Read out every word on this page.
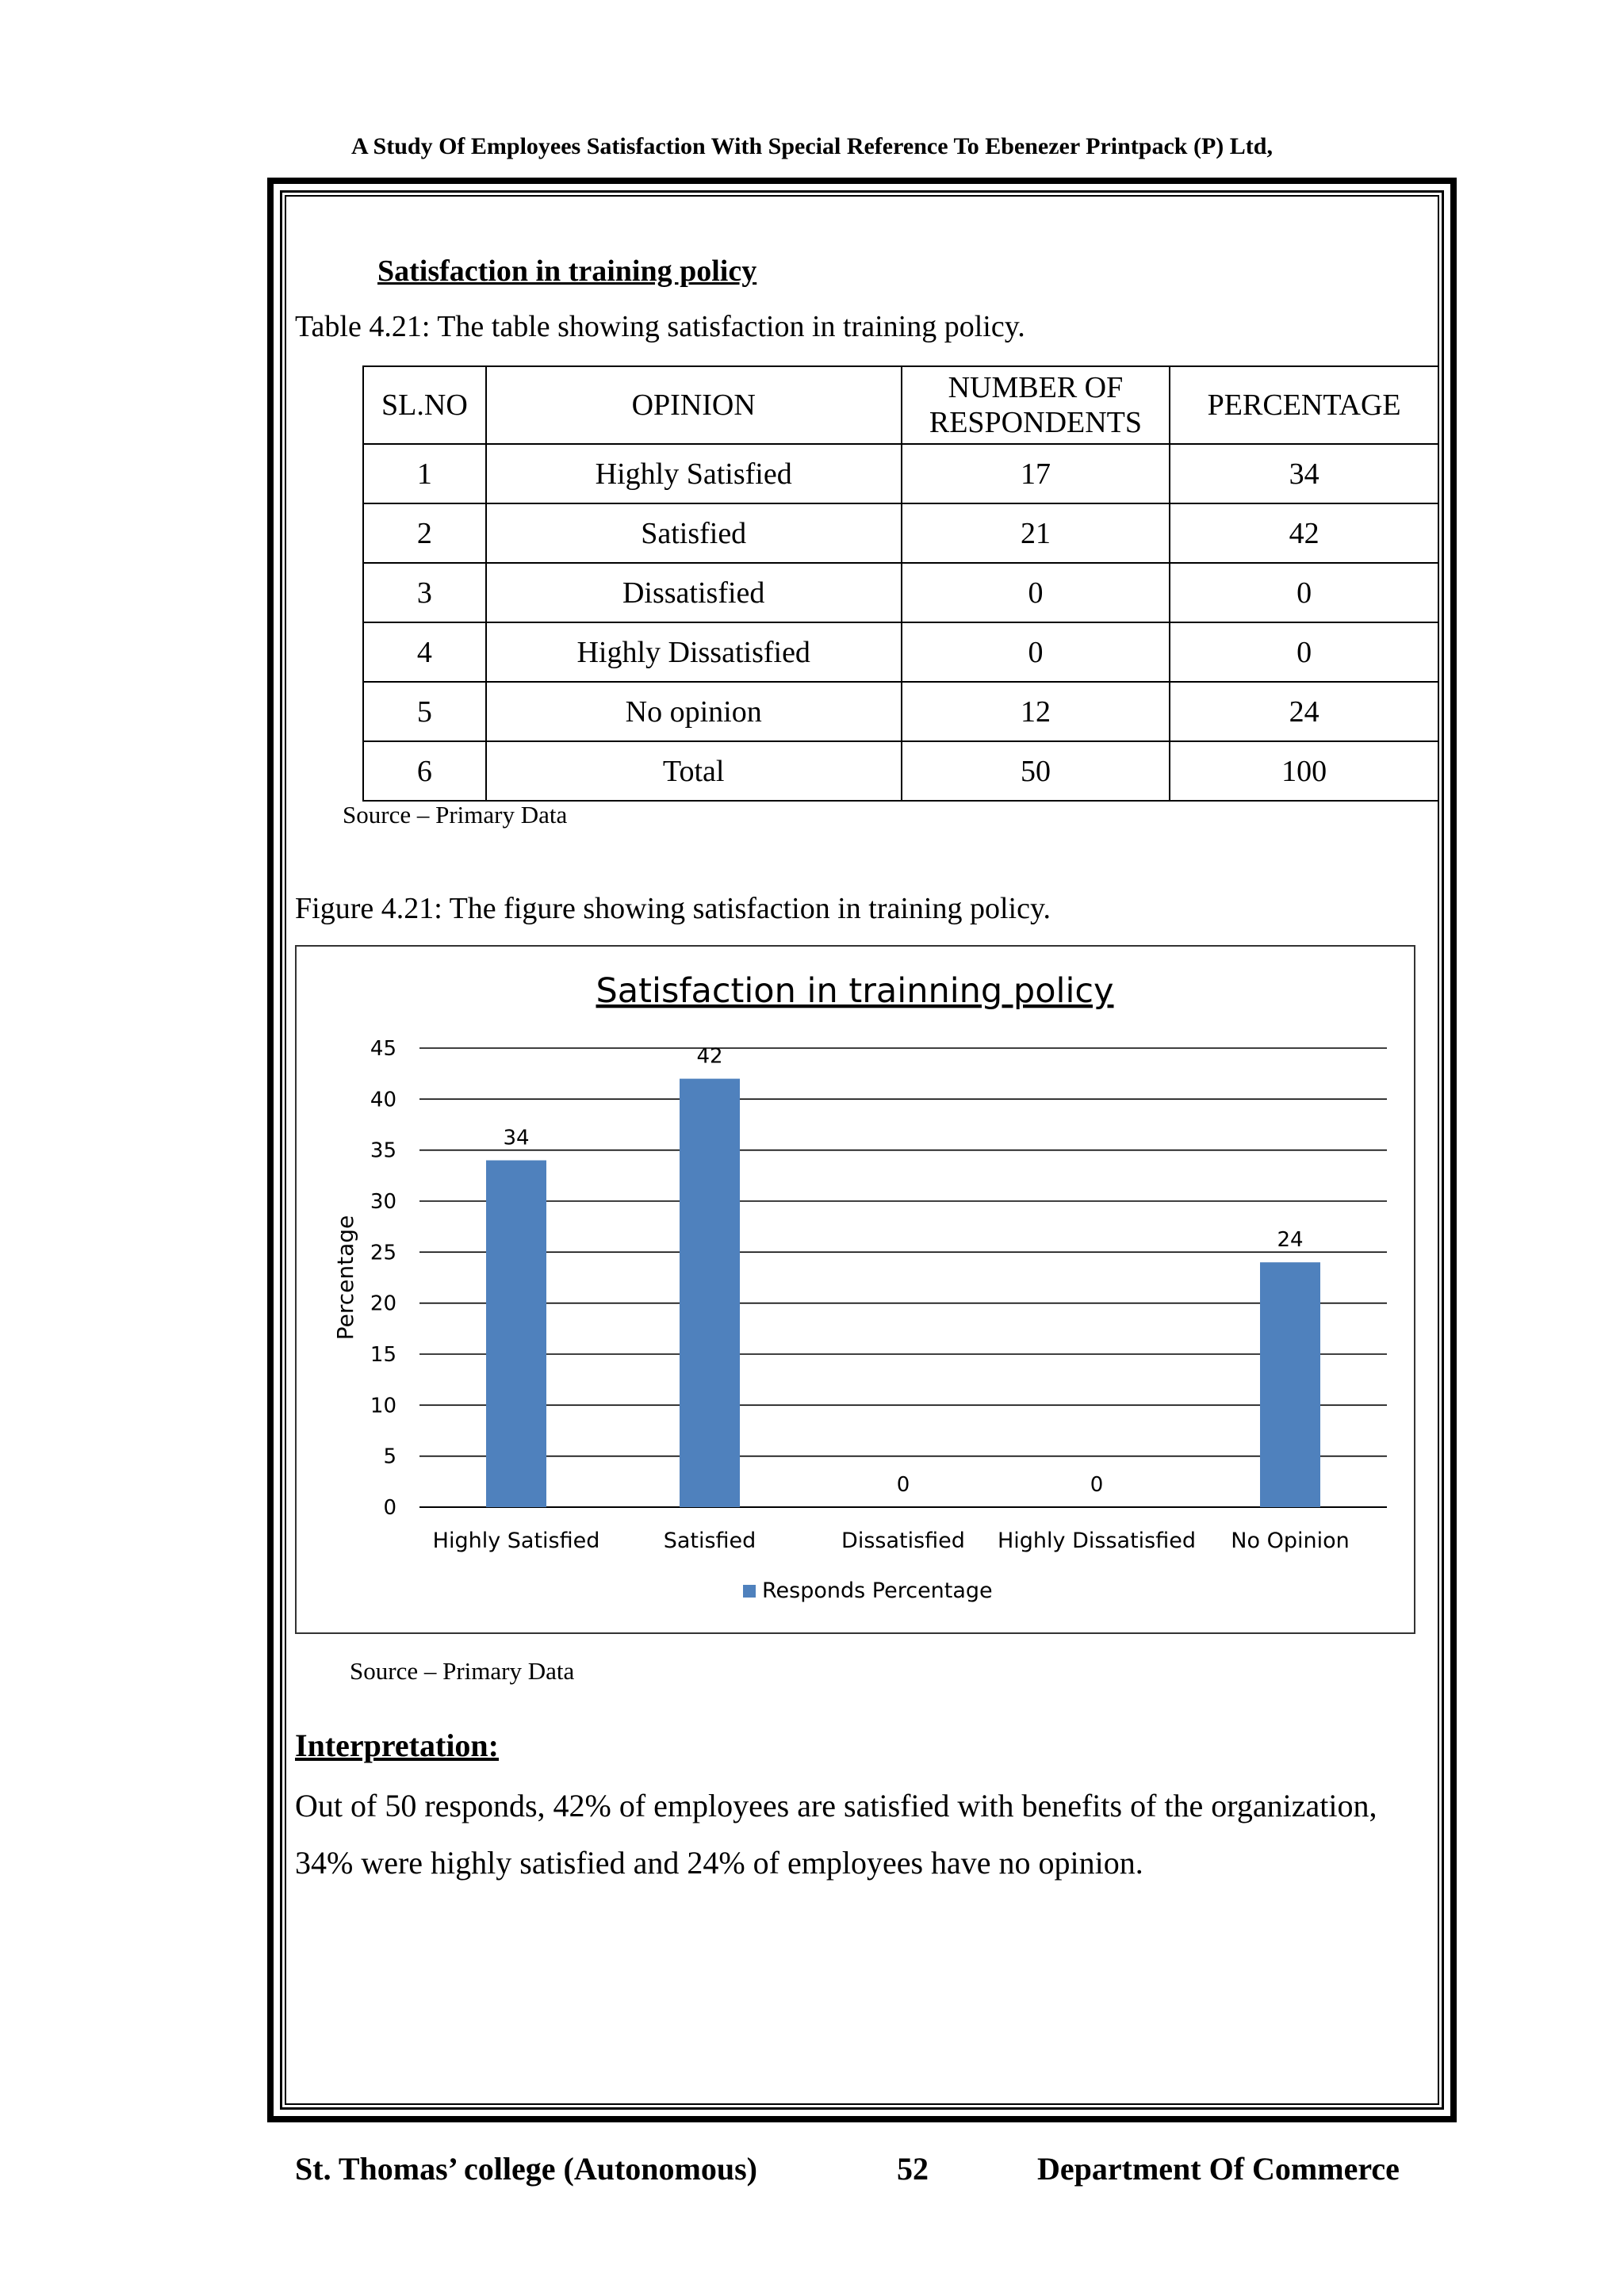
A Study Of Employees Satisfaction With Special Reference To Ebenezer Printpack (P) Ltd,
Satisfaction in training policy
Table 4.21: The table showing satisfaction in training policy.
SL.NO	OPINION	NUMBER OF RESPONDENTS	PERCENTAGE
1	Highly Satisfied	17	34
2	Satisfied	21	42
3	Dissatisfied	0	0
4	Highly Dissatisfied	0	0
5	No opinion	12	24
6	Total	50	100
Source – Primary Data
Figure 4.21: The figure showing satisfaction in training policy.
Satisfaction in trainning policy
0
5
10
15
20
25
30
35
40
45
Percentage
34
Highly Satisfied
42
Satisfied
0
Dissatisfied
0
Highly Dissatisfied
24
No Opinion
Responds Percentage
Source – Primary Data
Interpretation:
Out of 50 responds, 42% of employees are satisfied with benefits of the organization, 34% were highly satisfied and 24% of employees have no opinion.
St. Thomas’ college (Autonomous)	52	Department Of Commerce
